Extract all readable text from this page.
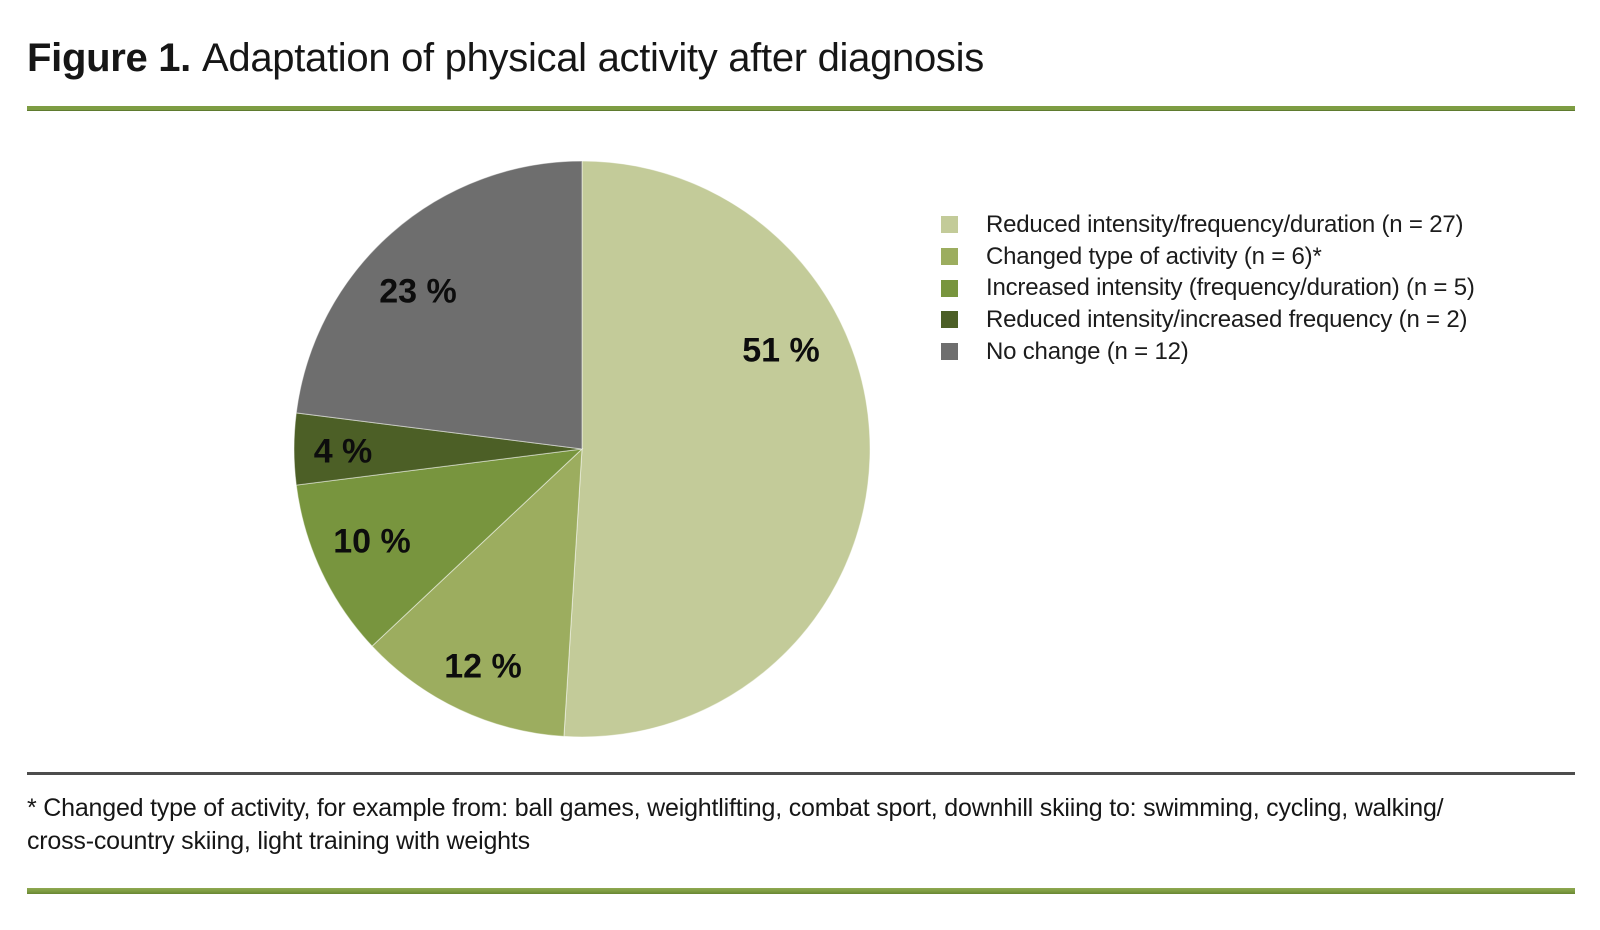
Figure 1. Adaptation of physical activity after diagnosis
51 %
12 %
10 %
4 %
23 %
Reduced intensity/frequency/duration (n = 27)
Changed type of activity (n = 6)*
Increased intensity (frequency/duration) (n = 5)
Reduced intensity/increased frequency (n = 2)
No change (n = 12)
* Changed type of activity, for example from: ball games, weightlifting, combat sport, downhill skiing to: swimming, cycling, walking/
cross-country skiing, light training with weights
